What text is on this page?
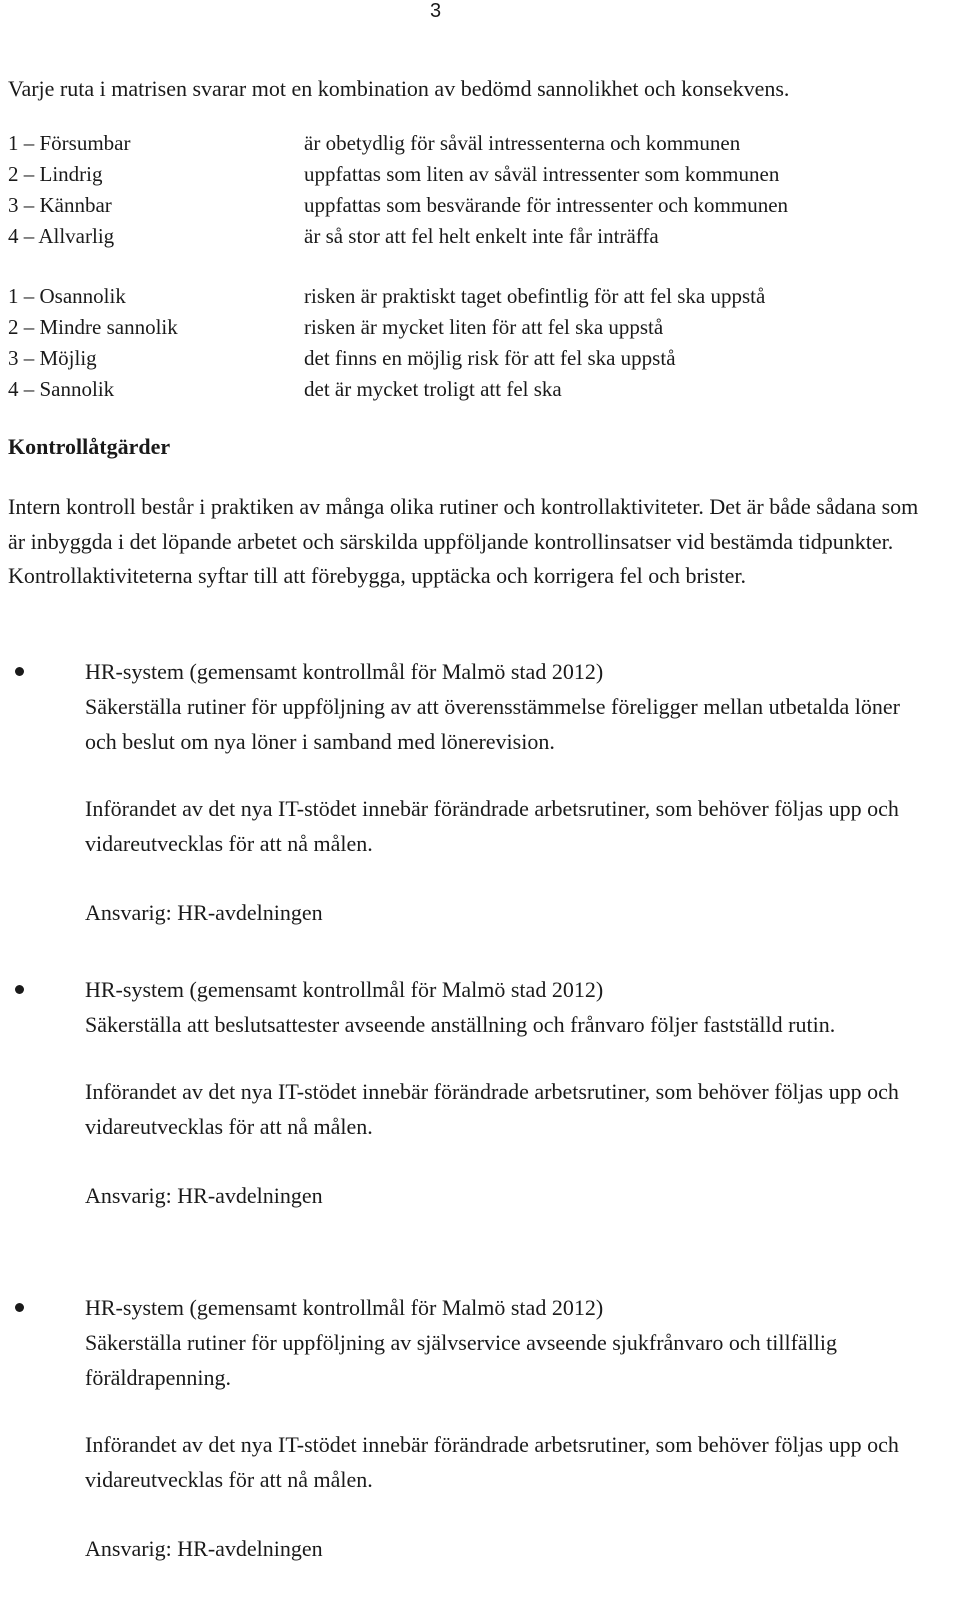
3
Varje ruta i matrisen svarar mot en kombination av bedömd sannolikhet och konsekvens.
1 – Försumbar	är obetydlig för såväl intressenterna och kommunen
2 – Lindrig	uppfattas som liten av såväl intressenter som kommunen
3 – Kännbar	uppfattas som besvärande för intressenter och kommunen
4 – Allvarlig	är så stor att fel helt enkelt inte får inträffa
1 – Osannolik	risken är praktiskt taget obefintlig för att fel ska uppstå
2 – Mindre sannolik	risken är mycket liten för att fel ska uppstå
3 – Möjlig	det finns en möjlig risk för att fel ska uppstå
4 – Sannolik	det är mycket troligt att fel ska
Kontrollåtgärder
Intern kontroll består i praktiken av många olika rutiner och kontrollaktiviteter. Det är både sådana som är inbyggda i det löpande arbetet och särskilda uppföljande kontrollinsatser vid bestämda tidpunkter. Kontrollaktiviteterna syftar till att förebygga, upptäcka och korrigera fel och brister.

HR-system (gemensamt kontrollmål för Malmö stad 2012)

Säkerställa rutiner för uppföljning av att överensstämmelse föreligger mellan utbetalda löner och beslut om nya löner i samband med lönerevision.

Införandet av det nya IT-stödet innebär förändrade arbetsrutiner, som behöver följas upp och vidareutvecklas för att nå målen.

Ansvarig: HR-avdelningen

HR-system (gemensamt kontrollmål för Malmö stad 2012)

Säkerställa att beslutsattester avseende anställning och frånvaro följer fastställd rutin.

Införandet av det nya IT-stödet innebär förändrade arbetsrutiner, som behöver följas upp och vidareutvecklas för att nå målen.

Ansvarig: HR-avdelningen

HR-system (gemensamt kontrollmål för Malmö stad 2012)

Säkerställa rutiner för uppföljning av självservice avseende sjukfrånvaro och tillfällig föräldrapenning.

Införandet av det nya IT-stödet innebär förändrade arbetsrutiner, som behöver följas upp och vidareutvecklas för att nå målen.

Ansvarig: HR-avdelningen
